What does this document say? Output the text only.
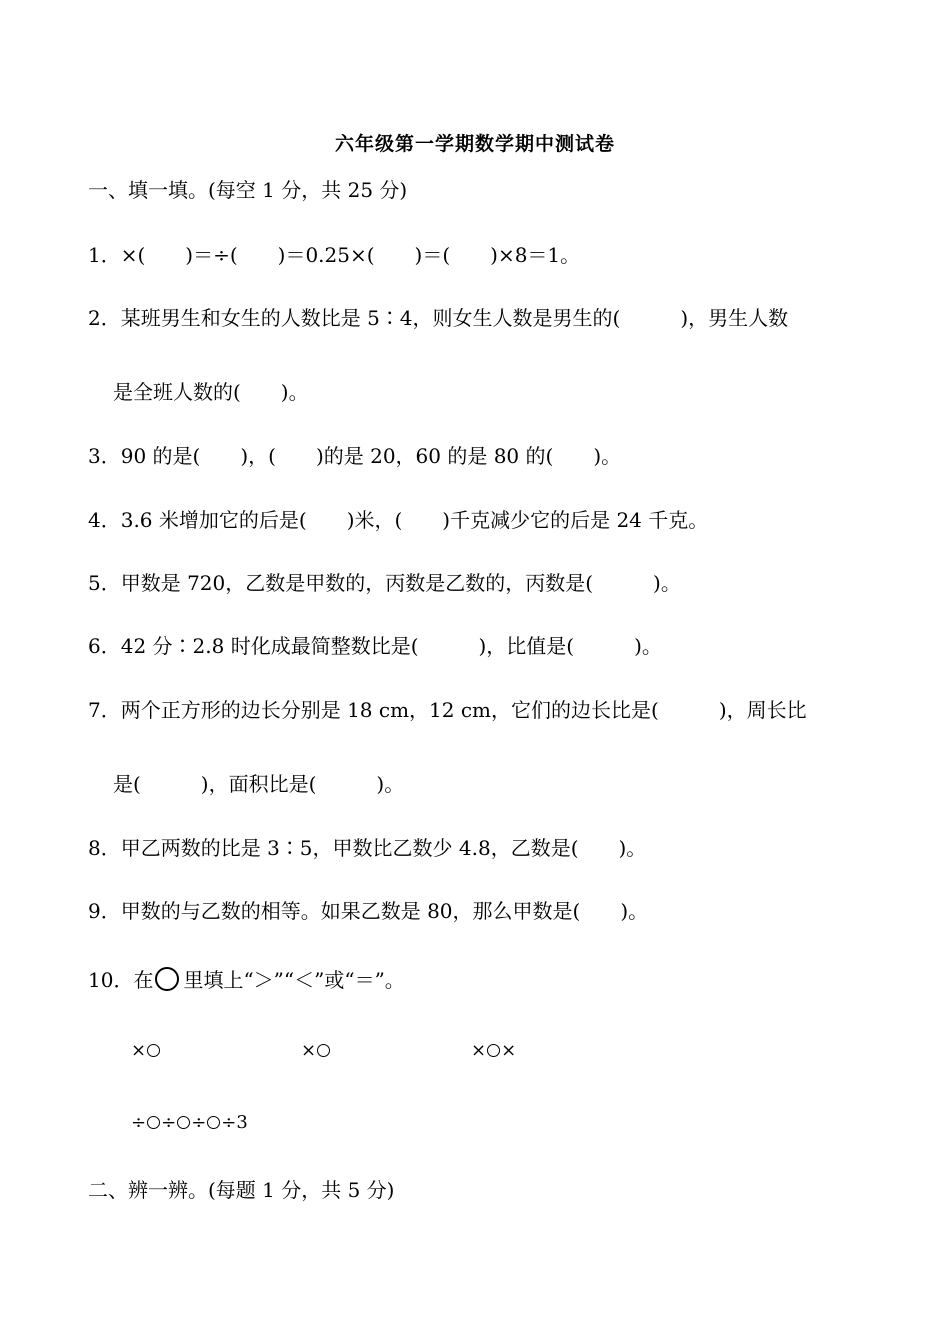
六年级第一学期数学期中测试卷
一、填一填。(每空 1 分，共 25 分)
1．×(　　)＝÷(　　)＝0.25×(　　)＝(　　)×8＝1。
2．某班男生和女生的人数比是 5∶4，则女生人数是男生的(　　　)，男生人数
是全班人数的(　　)。
3．90 的是(　　)，(　　)的是 20，60 的是 80 的(　　)。
4．3.6 米增加它的后是(　　)米，(　　)千克减少它的后是 24 千克。
5．甲数是 720，乙数是甲数的，丙数是乙数的，丙数是(　　　)。
6．42 分∶2.8 时化成最简整数比是(　　　)，比值是(　　　)。
7．两个正方形的边长分别是 18 cm，12 cm，它们的边长比是(　　　)，周长比
是(　　　)，面积比是(　　　)。
8．甲乙两数的比是 3∶5，甲数比乙数少 4.8，乙数是(　　)。
9．甲数的与乙数的相等。如果乙数是 80，那么甲数是(　　)。
10．在 里填上“＞”“＜”或“＝”。
×	×	× ×
÷ ÷ ÷ ÷3
二、辨一辨。(每题 1 分，共 5 分)
